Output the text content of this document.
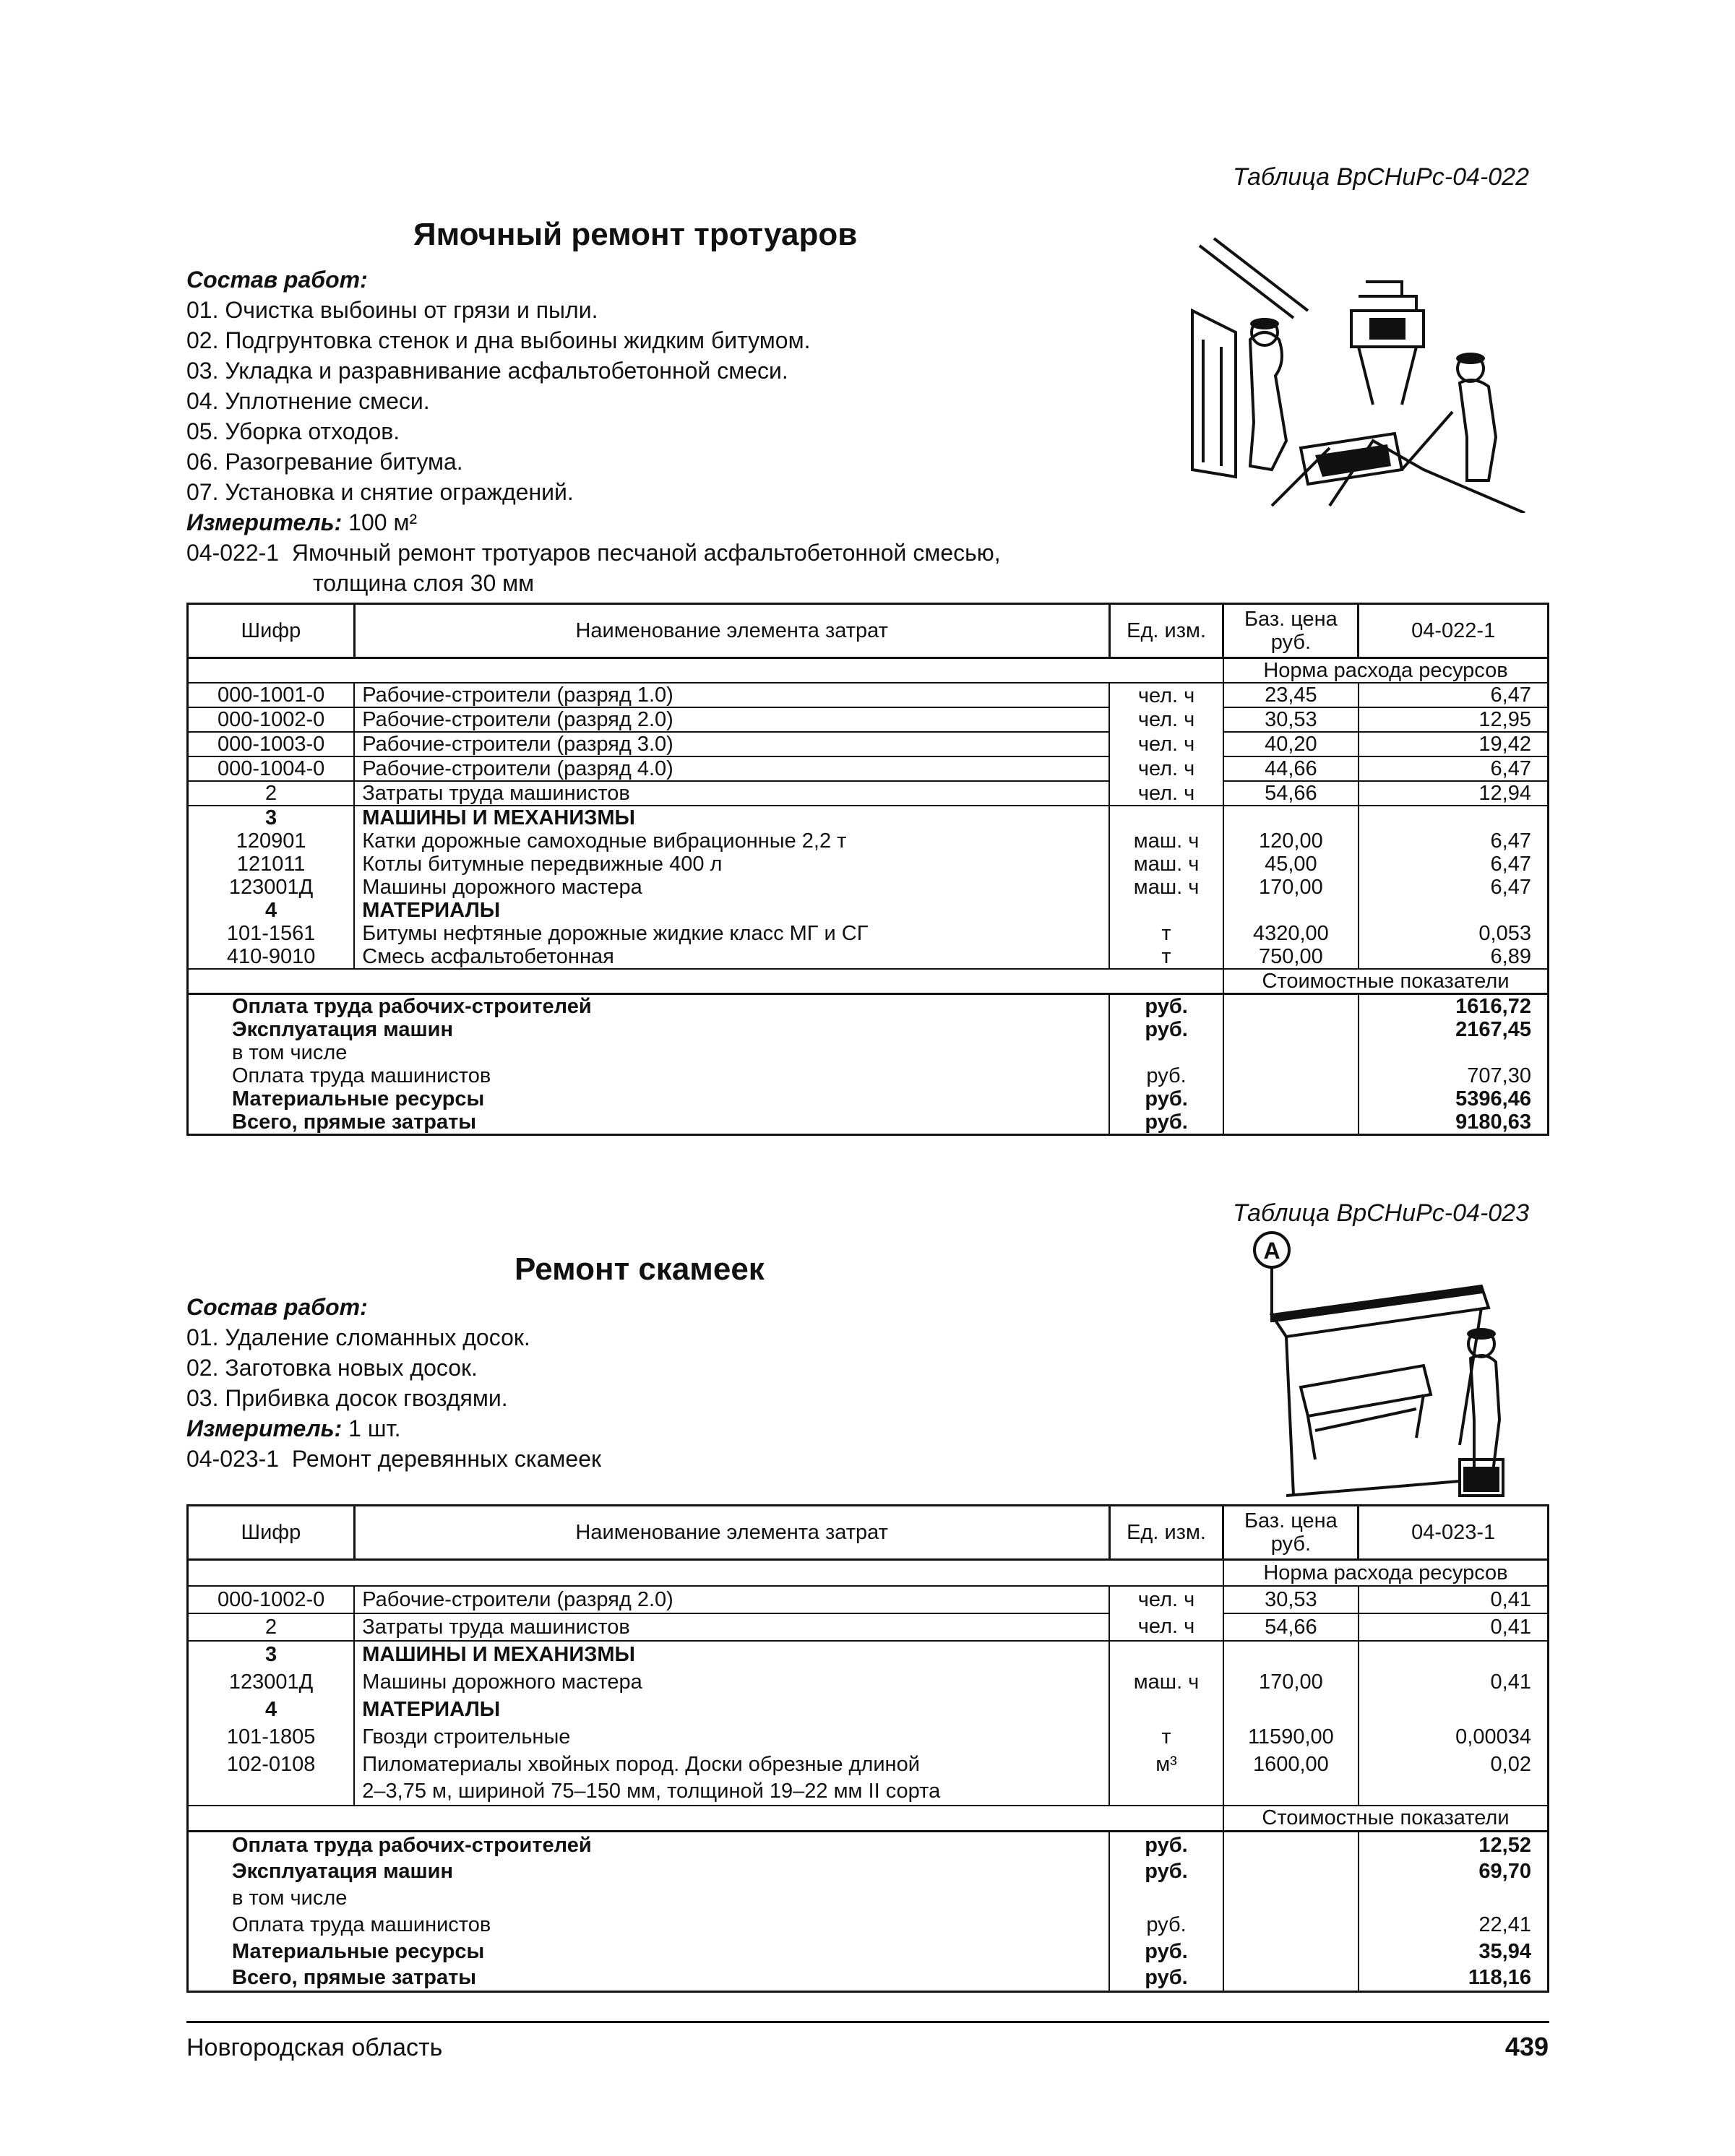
Таблица ВрСНиРс-04-022
Ямочный ремонт тротуаров
Состав работ:
01. Очистка выбоины от грязи и пыли.
02. Подгрунтовка стенок и дна выбоины жидким битумом.
03. Укладка и разравнивание асфальтобетонной смеси.
04. Уплотнение смеси.
05. Уборка отходов.
06. Разогревание битума.
07. Установка и снятие ограждений.
Измеритель: 100 м²
04-022-1  Ямочный ремонт тротуаров песчаной асфальтобетонной смесью,
толщина слоя 30 мм
Шифр	Наименование элемента затрат	Ед. изм.	Баз. цена руб.	04-022-1
			Норма расхода ресурсов	
000-1001-0	Рабочие-строители (разряд 1.0)	чел. ч	23,45	6,47
000-1002-0	Рабочие-строители (разряд 2.0)	чел. ч	30,53	12,95
000-1003-0	Рабочие-строители (разряд 3.0)	чел. ч	40,20	19,42
000-1004-0	Рабочие-строители (разряд 4.0)	чел. ч	44,66	6,47
2	Затраты труда машинистов	чел. ч	54,66	12,94
3	МАШИНЫ И МЕХАНИЗМЫ			
120901	Катки дорожные самоходные вибрационные 2,2 т	маш. ч	120,00	6,47
121011	Котлы битумные передвижные 400 л	маш. ч	45,00	6,47
123001Д	Машины дорожного мастера	маш. ч	170,00	6,47
4	МАТЕРИАЛЫ			
101-1561	Битумы нефтяные дорожные жидкие класс МГ и СГ	т	4320,00	0,053
410-9010	Смесь асфальтобетонная	т	750,00	6,89
			Стоимостные показатели	
Оплата труда рабочих-строителей		руб.		1616,72
Эксплуатация машин		руб.		2167,45
в том числе				
Оплата труда машинистов		руб.		707,30
Материальные ресурсы		руб.		5396,46
Всего, прямые затраты		руб.		9180,63
Таблица ВрСНиРс-04-023
Ремонт скамеек
Состав работ:
01. Удаление сломанных досок.
02. Заготовка новых досок.
03. Прибивка досок гвоздями.
Измеритель: 1 шт.
04-023-1  Ремонт деревянных скамеек
А
Шифр	Наименование элемента затрат	Ед. изм.	Баз. цена руб.	04-023-1
			Норма расхода ресурсов	
000-1002-0	Рабочие-строители (разряд 2.0)	чел. ч	30,53	0,41
2	Затраты труда машинистов	чел. ч	54,66	0,41
3	МАШИНЫ И МЕХАНИЗМЫ			
123001Д	Машины дорожного мастера	маш. ч	170,00	0,41
4	МАТЕРИАЛЫ			
101-1805	Гвозди строительные	т	11590,00	0,00034
102-0108	Пиломатериалы хвойных пород. Доски обрезные длиной	м³	1600,00	0,02
	2–3,75 м, шириной 75–150 мм, толщиной 19–22 мм II сорта			
			Стоимостные показатели	
Оплата труда рабочих-строителей		руб.		12,52
Эксплуатация машин		руб.		69,70
в том числе				
Оплата труда машинистов		руб.		22,41
Материальные ресурсы		руб.		35,94
Всего, прямые затраты		руб.		118,16
Новгородская область	439
